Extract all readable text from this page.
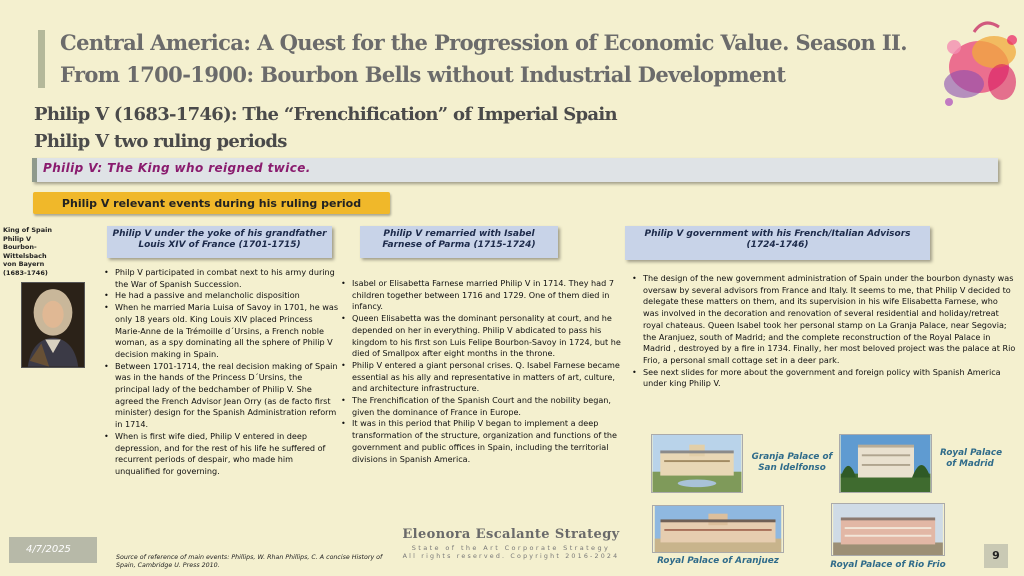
Central America: A Quest for the Progression of Economic Value. Season II.
From 1700-1900: Bourbon Bells without Industrial Development
Philip V (1683-1746): The “Frenchification” of Imperial Spain
Philip V two ruling periods
Philip V: The King who reigned twice.
Philip V relevant events during his ruling period
King of Spain
Philip V
Bourbon-
Wittelsbach
von Bayern
(1683-1746)
Philip V under the yoke of his grandfather
Louis XIV of France (1701-1715)
Philip V remarried with Isabel
Farnese of Parma (1715-1724)
Philip V government with his French/Italian Advisors
(1724-1746)
• Philp V participated in combat next to his army during the War of Spanish Succession.
• He had a passive and melancholic disposition
• When he married Maria Luisa of Savoy in 1701, he was only 18 years old. King Louis XIV placed Princess Marie-Anne de la Trémoille d´Ursins, a French noble woman, as a spy dominating all the sphere of Philip V decision making in Spain.
• Between 1701-1714, the real decision making of Spain was in the hands of the Princess D´Ursins, the principal lady of the bedchamber of Philip V. She agreed the French Advisor Jean Orry (as de facto first minister) design for the Spanish Administration reform in 1714.
• When is first wife died, Philip V entered in deep depression, and for the rest of his life he suffered of recurrent periods of despair, who made him unqualified for governing.
• Isabel or Elisabetta Farnese married Philip V in 1714. They had 7 children together between 1716 and 1729. One of them died in infancy.
• Queen Elisabetta was the dominant personality at court, and he depended on her in everything. Philip V abdicated to pass his kingdom to his first son Luis Felipe Bourbon-Savoy in 1724, but he died of Smallpox after eight months in the throne.
• Philip V entered a giant personal crises. Q. Isabel Farnese became essential as his ally and representative in matters of art, culture, and architecture infrastructure.
• The Frenchification of the Spanish Court and the nobility began, given the dominance of France in Europe.
• It was in this period that Philip V began to implement a deep transformation of the structure, organization and functions of the government and public offices in Spain, including the territorial divisions in Spanish America.
• The design of the new government administration of Spain under the bourbon dynasty was oversaw by several advisors from France and Italy. It seems to me, that Philip V decided to delegate these matters on them, and its supervision in his wife Elisabetta Farnese, who was involved in the decoration and renovation of several residential and holiday/retreat royal chateaus. Queen Isabel took her personal stamp on La Granja Palace, near Segovia; the Aranjuez, south of Madrid; and the complete reconstruction of the Royal Palace in Madrid , destroyed by a fire in 1734. Finally, her most beloved project was the palace at Rio Frio, a personal small cottage set in a deer park.
• See next slides for more about the government and foreign policy with Spanish America under king Philip V.
Granja Palace of
San Idelfonso
Royal Palace
of Madrid
Royal Palace of Aranjuez	Royal Palace of Rio Frio
Eleonora Escalante Strategy
State of the Art Corporate Strategy
All rights reserved. Copyright 2016-2024
4/7/2025
Source of reference of main events: Phillips, W. Rhan Phillips, C. A concise History of Spain, Cambridge U. Press 2010.
9
